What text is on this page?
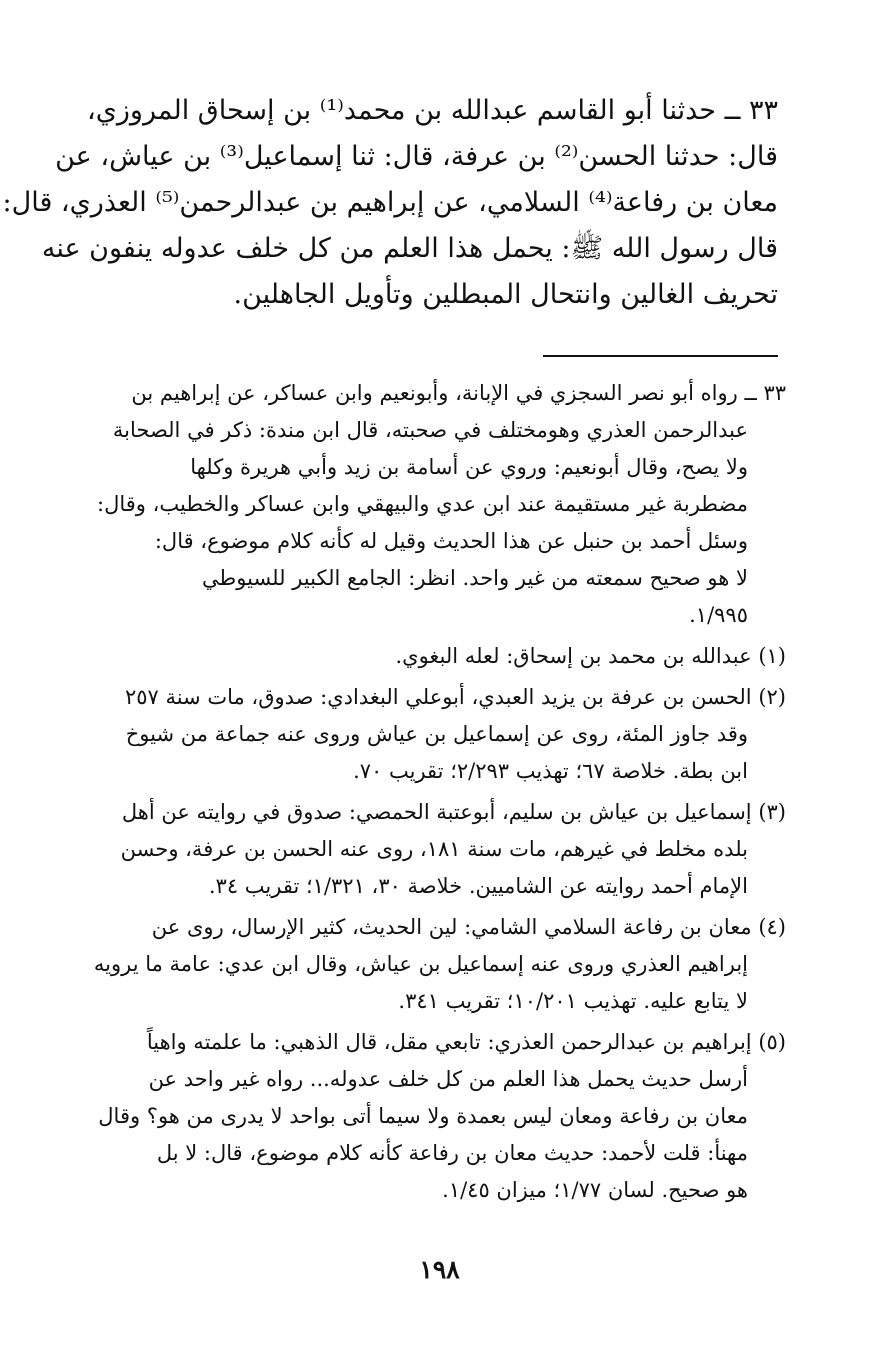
٣٣ ــ حدثنا أبو القاسم عبدالله بن محمد⁽¹⁾ بن إسحاق المروزي،
قال: حدثنا الحسن⁽²⁾ بن عرفة، قال: ثنا إسماعيل⁽³⁾ بن عياش، عن
معان بن رفاعة⁽⁴⁾ السلامي، عن إبراهيم بن عبدالرحمن⁽⁵⁾ العذري، قال:
قال رسول الله ﷺ: يحمل هذا العلم من كل خلف عدوله ينفون عنه
تحريف الغالين وانتحال المبطلين وتأويل الجاهلين.
٣٣ ــ رواه أبو نصر السجزي في الإبانة، وأبونعيم وابن عساكر، عن إبراهيم بن
عبدالرحمن العذري وهومختلف في صحبته، قال ابن مندة: ذكر في الصحابة
ولا يصح، وقال أبونعيم: وروي عن أسامة بن زيد وأبي هريرة وكلها
مضطربة غير مستقيمة عند ابن عدي والبيهقي وابن عساكر والخطيب، وقال:
وسئل أحمد بن حنبل عن هذا الحديث وقيل له كأنه كلام موضوع، قال:
لا هو صحيح سمعته من غير واحد. انظر: الجامع الكبير للسيوطي
١/٩٩٥.
(١) عبدالله بن محمد بن إسحاق: لعله البغوي.
(٢) الحسن بن عرفة بن يزيد العبدي، أبوعلي البغدادي: صدوق، مات سنة ٢٥٧
وقد جاوز المئة، روى عن إسماعيل بن عياش وروى عنه جماعة من شيوخ
ابن بطة. خلاصة ٦٧؛ تهذيب ٢/٢٩٣؛ تقريب ٧٠.
(٣) إسماعيل بن عياش بن سليم، أبوعتبة الحمصي: صدوق في روايته عن أهل
بلده مخلط في غيرهم، مات سنة ١٨١، روى عنه الحسن بن عرفة، وحسن
الإمام أحمد روايته عن الشاميين. خلاصة ٣٠، ١/٣٢١؛ تقريب ٣٤.
(٤) معان بن رفاعة السلامي الشامي: لين الحديث، كثير الإرسال، روى عن
إبراهيم العذري وروى عنه إسماعيل بن عياش، وقال ابن عدي: عامة ما يرويه
لا يتابع عليه. تهذيب ١٠/٢٠١؛ تقريب ٣٤١.
(٥) إبراهيم بن عبدالرحمن العذري: تابعي مقل، قال الذهبي: ما علمته واهياً
أرسل حديث يحمل هذا العلم من كل خلف عدوله... رواه غير واحد عن
معان بن رفاعة ومعان ليس بعمدة ولا سيما أتى بواحد لا يدرى من هو؟ وقال
مهنأ: قلت لأحمد: حديث معان بن رفاعة كأنه كلام موضوع، قال: لا بل
هو صحيح. لسان ١/٧٧؛ ميزان ١/٤٥.
١٩٨
